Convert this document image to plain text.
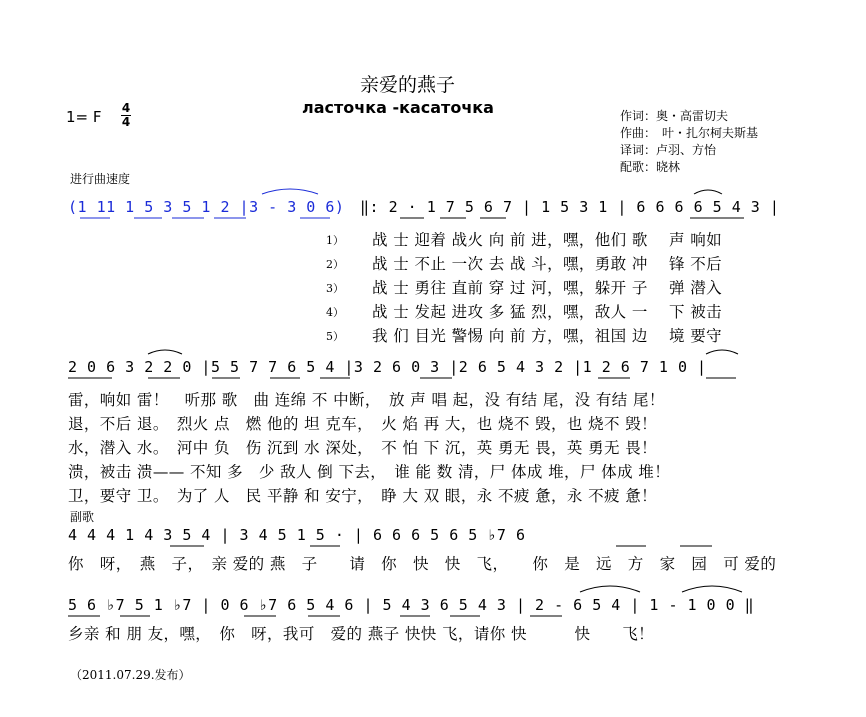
亲爱的燕子
ласточка -касаточка
1= F 4
4	作词：奥・高雷切夫
作曲：　叶・扎尔柯夫斯基
译词：卢羽、方怡
配歌：晓林
进行曲速度
(1 11 1 5 3 5 1 2 |3 - 3 0 6) ‖: 2 · 1 7 5 6 7 | 1 5 3 1 | 6 6 6 6 5 4 3 |
1） 战 士 迎着 战火 向 前 进，嘿，他们 歌 　声 响如
2） 战 士 不止 一次 去 战 斗，嘿，勇敢 冲 　锋 不后
3） 战 士 勇往 直前 穿 过 河，嘿，躲开 子 　弹 潜入
4） 战 士 发起 进攻 多 猛 烈，嘿，敌人 一 　下 被击
5） 我 们 目光 警惕 向 前 方，嘿，祖国 边 　境 要守
2 0 6 3 2 2 0 |5 5 7 7 6 5 4 |3 2 6 0 3 |2 6 5 4 3 2 |1 2 6 7 1 0 |
雷，响如 雷！　听那 歌　曲 连绵 不 中断，　放 声 唱 起，没 有结 尾，没 有结 尾！
退，不后 退。　烈火 点　燃 他的 坦 克车，　火 焰 再 大，也 烧不 毁，也 烧不 毁！
水，潜入 水。　河中 负　伤 沉到 水 深处，　不 怕 下 沉，英 勇无 畏，英 勇无 畏！
溃，被击 溃—— 不知 多　少 敌人 倒 下去，　谁 能 数 清，尸 体成 堆，尸 体成 堆！
卫，要守 卫。　为了 人　民 平静 和 安宁，　睁 大 双 眼，永 不疲 惫，永 不疲 惫！
副歌
4 4 4 1 4 3 5 4 | 3 4 5 1 5 · | 6 6 6 5 6 5 ♭7 6
你　呀，　燕　子，　亲 爱的 燕　子　　请　你　快　快　飞，　　你　是　远　方　家　园　可 爱的
5 6 ♭7 5 1 ♭7 | 0 6 ♭7 6 5 4 6 | 5 4 3 6 5 4 3 | 2 - 6 5 4 | 1 - 1 0 0 ‖
乡亲 和 朋 友，嘿，　你　呀，我可　爱的 燕子 快快 飞，请你 快　　　快　　飞！
（2011.07.29.发布）
